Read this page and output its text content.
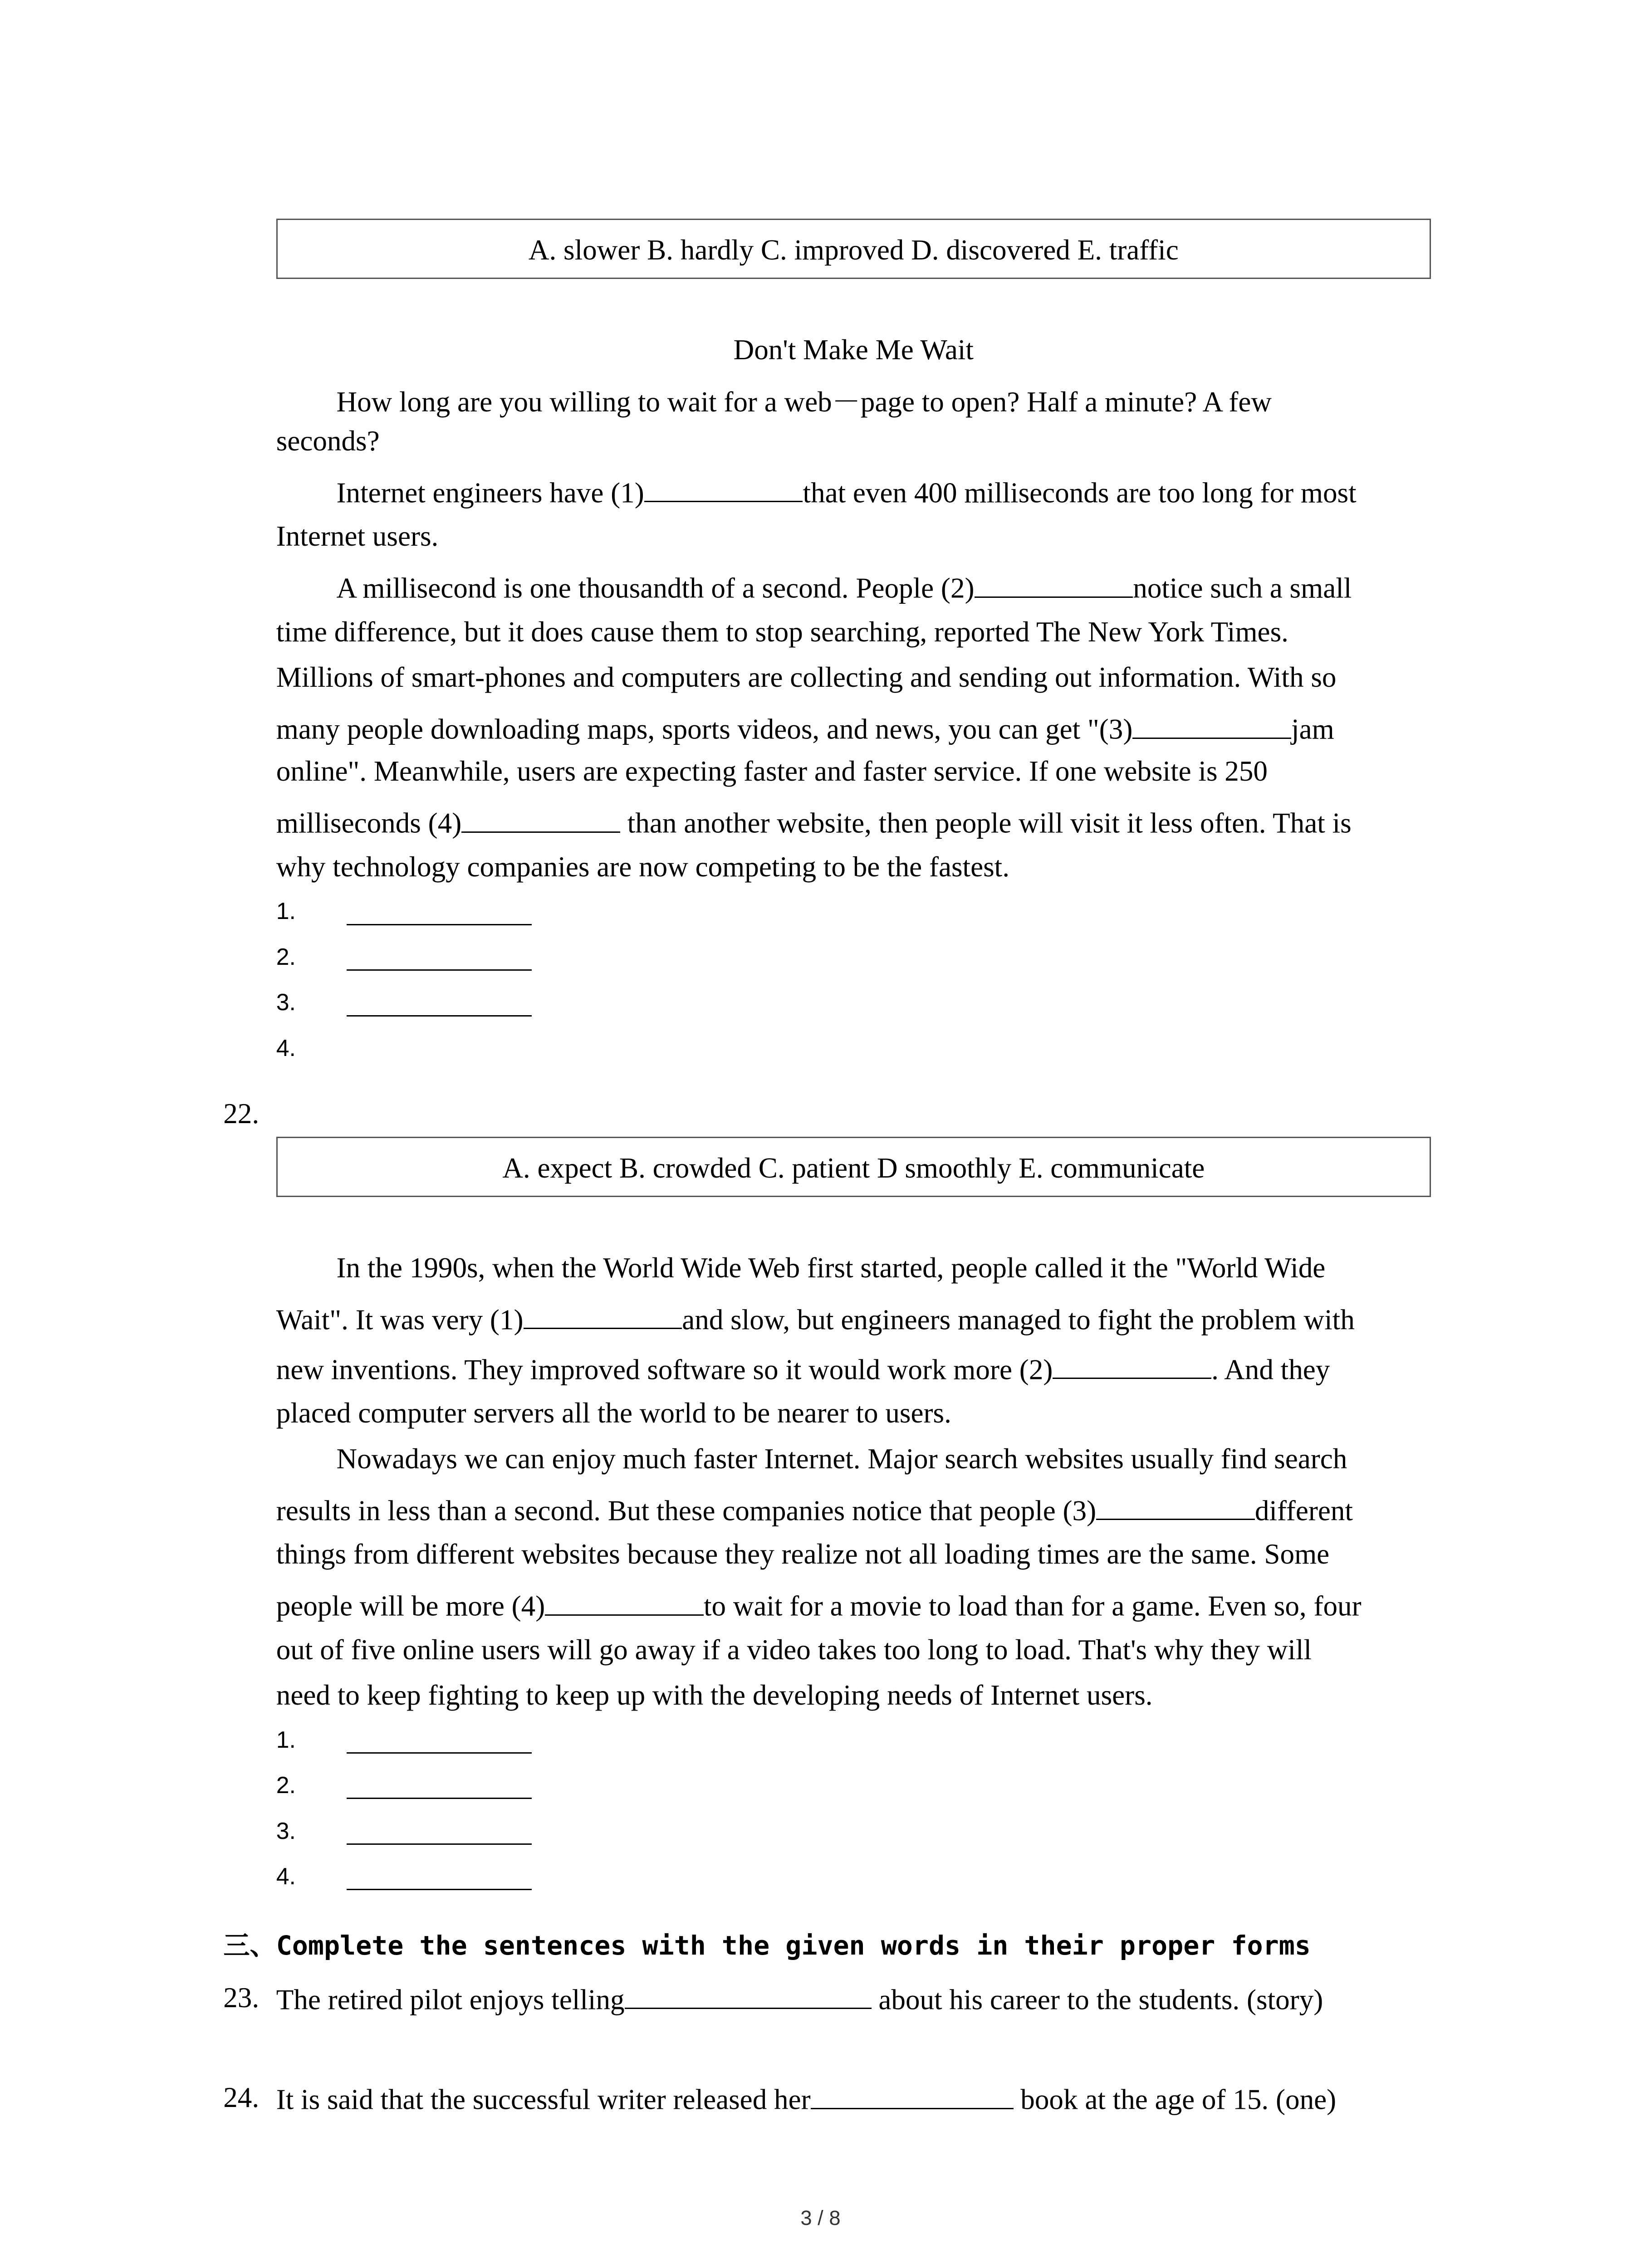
A. slower B. hardly C. improved D. discovered E. traffic
Don't Make Me Wait
How long are you willing to wait for a web－page to open? Half a minute? A few
seconds?
Internet engineers have (1)	that even 400 milliseconds are too long for most
Internet users.
A millisecond is one thousandth of a second. People (2)	notice such a small
time difference, but it does cause them to stop searching, reported The New York Times.
Millions of smart-phones and computers are collecting and sending out information. With so
many people downloading maps, sports videos, and news, you can get "(3)	jam
online". Meanwhile, users are expecting faster and faster service. If one website is 250
milliseconds (4)	than another website, then people will visit it less often. That is
why technology companies are now competing to be the fastest.
1.
2.
3.
4.
22.
A. expect B. crowded C. patient D smoothly E. communicate
In the 1990s, when the World Wide Web first started, people called it the "World Wide
Wait". It was very (1)	and slow, but engineers managed to fight the problem with
new inventions. They improved software so it would work more (2)	. And they
placed computer servers all the world to be nearer to users.
Nowadays we can enjoy much faster Internet. Major search websites usually find search
results in less than a second. But these companies notice that people (3)	different
things from different websites because they realize not all loading times are the same. Some
people will be more (4)	to wait for a movie to load than for a game. Even so, four
out of five online users will go away if a video takes too long to load. That's why they will
need to keep fighting to keep up with the developing needs of Internet users.
1.
2.
3.
4.
三、Complete the sentences with the given words in their proper forms
23. The retired pilot enjoys telling	about his career to the students. (story)
24. It is said that the successful writer released her	book at the age of 15. (one)
3 / 8
